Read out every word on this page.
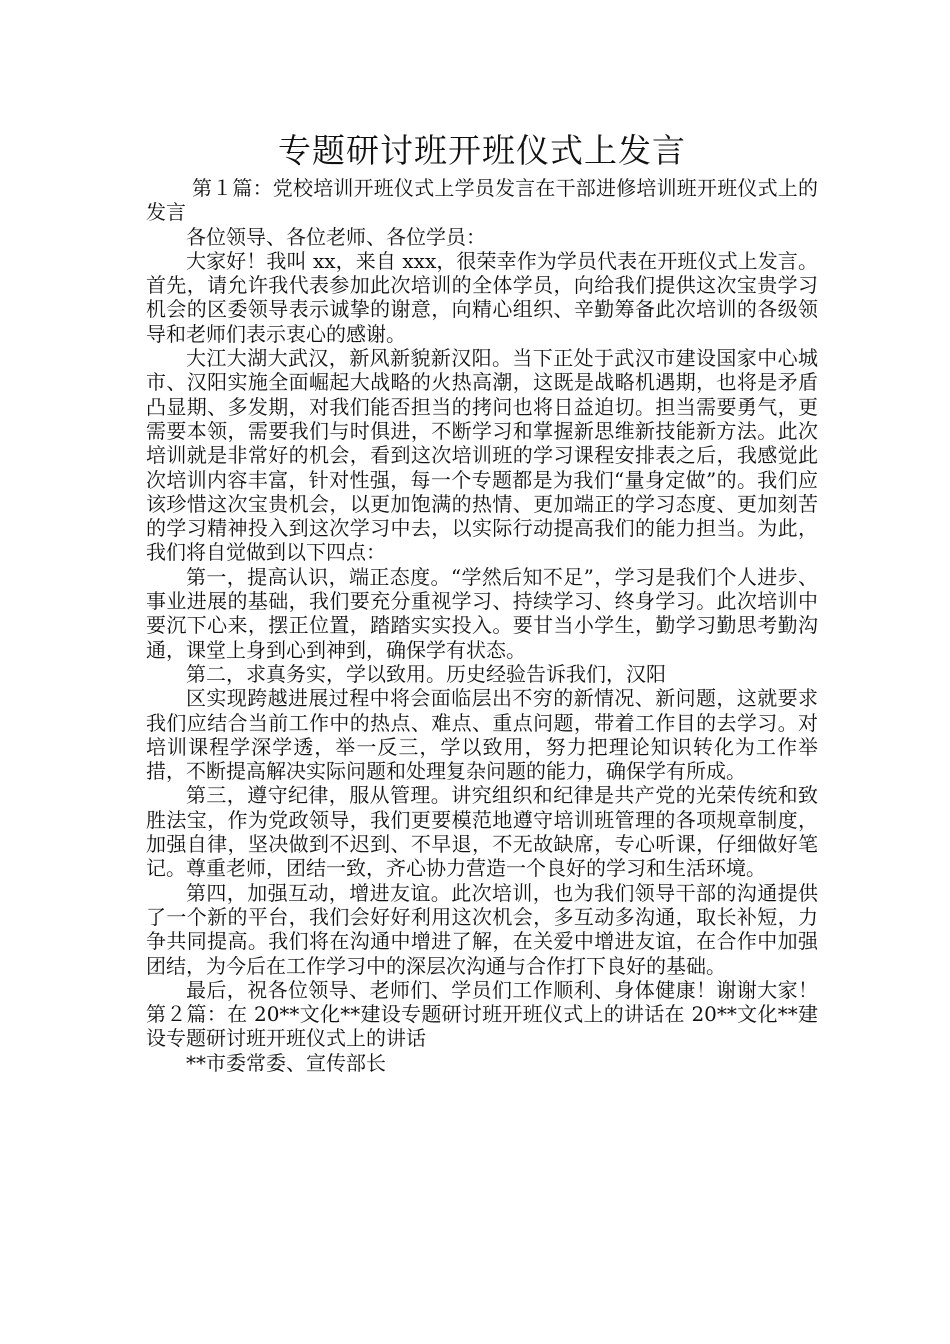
专题研讨班开班仪式上发言

第１篇：党校培训开班仪式上学员发言在干部进修培训班开班仪式上的发言

各位领导、各位老师、各位学员：

大家好！我叫 xx，来自 xxx，很荣幸作为学员代表在开班仪式上发言。首先，请允许我代表参加此次培训的全体学员，向给我们提供这次宝贵学习机会的区委领导表示诚挚的谢意，向精心组织、辛勤筹备此次培训的各级领导和老师们表示衷心的感谢。

大江大湖大武汉，新风新貌新汉阳。当下正处于武汉市建设国家中心城市、汉阳实施全面崛起大战略的火热高潮，这既是战略机遇期，也将是矛盾凸显期、多发期，对我们能否担当的拷问也将日益迫切。担当需要勇气，更需要本领，需要我们与时俱进，不断学习和掌握新思维新技能新方法。此次培训就是非常好的机会，看到这次培训班的学习课程安排表之后，我感觉此次培训内容丰富，针对性强，每一个专题都是为我们“量身定做”的。我们应该珍惜这次宝贵机会，以更加饱满的热情、更加端正的学习态度、更加刻苦的学习精神投入到这次学习中去，以实际行动提高我们的能力担当。为此，我们将自觉做到以下四点：

第一，提高认识，端正态度。“学然后知不足”，学习是我们个人进步、事业进展的基础，我们要充分重视学习、持续学习、终身学习。此次培训中要沉下心来，摆正位置，踏踏实实投入。要甘当小学生，勤学习勤思考勤沟通，课堂上身到心到神到，确保学有状态。

第二，求真务实，学以致用。历史经验告诉我们，汉阳

区实现跨越进展过程中将会面临层出不穷的新情况、新问题，这就要求我们应结合当前工作中的热点、难点、重点问题，带着工作目的去学习。对培训课程学深学透，举一反三，学以致用，努力把理论知识转化为工作举措，不断提高解决实际问题和处理复杂问题的能力，确保学有所成。

第三，遵守纪律，服从管理。讲究组织和纪律是共产党的光荣传统和致胜法宝，作为党政领导，我们更要模范地遵守培训班管理的各项规章制度，加强自律，坚决做到不迟到、不早退，不无故缺席，专心听课，仔细做好笔记。尊重老师，团结一致，齐心协力营造一个良好的学习和生活环境。

第四，加强互动，增进友谊。此次培训，也为我们领导干部的沟通提供了一个新的平台，我们会好好利用这次机会，多互动多沟通，取长补短，力争共同提高。我们将在沟通中增进了解，在关爱中增进友谊，在合作中加强团结，为今后在工作学习中的深层次沟通与合作打下良好的基础。

最后，祝各位领导、老师们、学员们工作顺利、身体健康！谢谢大家！第２篇：在 20**文化**建设专题研讨班开班仪式上的讲话在 20**文化**建设专题研讨班开班仪式上的讲话

**市委常委、宣传部长
